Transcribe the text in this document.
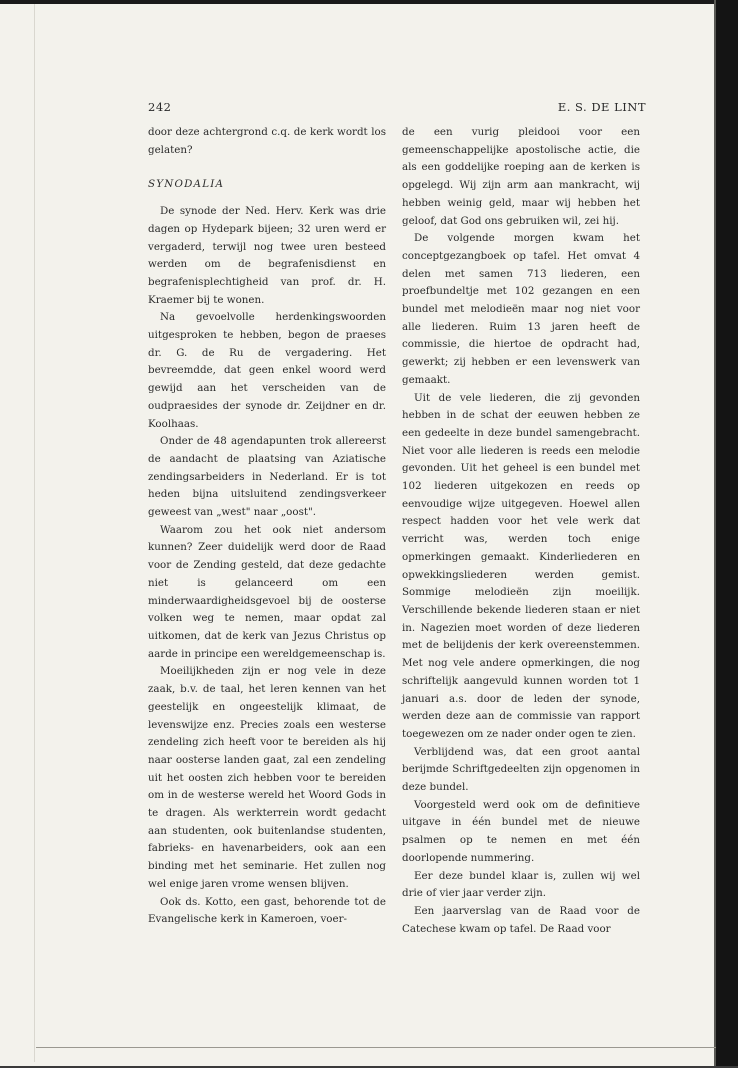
242	E. S. DE LINT

door deze achtergrond c.q. de kerk wordt los gelaten?

SYNODALIA

De synode der Ned. Herv. Kerk was drie dagen op Hydepark bijeen; 32 uren werd er vergaderd, terwijl nog twee uren besteed werden om de begrafenisdienst en begrafenisplechtigheid van prof. dr. H. Kraemer bij te wonen.

Na gevoelvolle herdenkingswoorden uitgesproken te hebben, begon de praeses dr. G. de Ru de vergadering. Het bevreemdde, dat geen enkel woord werd gewijd aan het verscheiden van de oudpraesides der synode dr. Zeijdner en dr. Koolhaas.

Onder de 48 agendapunten trok allereerst de aandacht de plaatsing van Aziatische zendingsarbeiders in Nederland. Er is tot heden bijna uitsluitend zendingsverkeer geweest van „west" naar „oost".

Waarom zou het ook niet andersom kunnen? Zeer duidelijk werd door de Raad voor de Zending gesteld, dat deze gedachte niet is gelanceerd om een minderwaardigheidsgevoel bij de oosterse volken weg te nemen, maar opdat zal uitkomen, dat de kerk van Jezus Christus op aarde in principe een wereldgemeenschap is.

Moeilijkheden zijn er nog vele in deze zaak, b.v. de taal, het leren kennen van het geestelijk en ongeestelijk klimaat, de levenswijze enz. Precies zoals een westerse zendeling zich heeft voor te bereiden als hij naar oosterse landen gaat, zal een zendeling uit het oosten zich hebben voor te bereiden om in de westerse wereld het Woord Gods in te dragen. Als werkterrein wordt gedacht aan studenten, ook buitenlandse studenten, fabrieks- en havenarbeiders, ook aan een binding met het seminarie. Het zullen nog wel enige jaren vrome wensen blijven.

Ook ds. Kotto, een gast, behorende tot de Evangelische kerk in Kameroen, voer-

de een vurig pleidooi voor een gemeenschappelijke apostolische actie, die als een goddelijke roeping aan de kerken is opgelegd. Wij zijn arm aan mankracht, wij hebben weinig geld, maar wij hebben het geloof, dat God ons gebruiken wil, zei hij.

De volgende morgen kwam het conceptgezangboek op tafel. Het omvat 4 delen met samen 713 liederen, een proefbundeltje met 102 gezangen en een bundel met melodieën maar nog niet voor alle liederen. Ruim 13 jaren heeft de commissie, die hiertoe de opdracht had, gewerkt; zij hebben er een levenswerk van gemaakt.

Uit de vele liederen, die zij gevonden hebben in de schat der eeuwen hebben ze een gedeelte in deze bundel samengebracht. Niet voor alle liederen is reeds een melodie gevonden. Uit het geheel is een bundel met 102 liederen uitgekozen en reeds op eenvoudige wijze uitgegeven. Hoewel allen respect hadden voor het vele werk dat verricht was, werden toch enige opmerkingen gemaakt. Kinderliederen en opwekkingsliederen werden gemist. Sommige melodieën zijn moeilijk. Verschillende bekende liederen staan er niet in. Nagezien moet worden of deze liederen met de belijdenis der kerk overeenstemmen. Met nog vele andere opmerkingen, die nog schriftelijk aangevuld kunnen worden tot 1 januari a.s. door de leden der synode, werden deze aan de commissie van rapport toegewezen om ze nader onder ogen te zien.

Verblijdend was, dat een groot aantal berijmde Schriftgedeelten zijn opgenomen in deze bundel.

Voorgesteld werd ook om de definitieve uitgave in één bundel met de nieuwe psalmen op te nemen en met één doorlopende nummering.

Eer deze bundel klaar is, zullen wij wel drie of vier jaar verder zijn.

Een jaarverslag van de Raad voor de Catechese kwam op tafel. De Raad voor
